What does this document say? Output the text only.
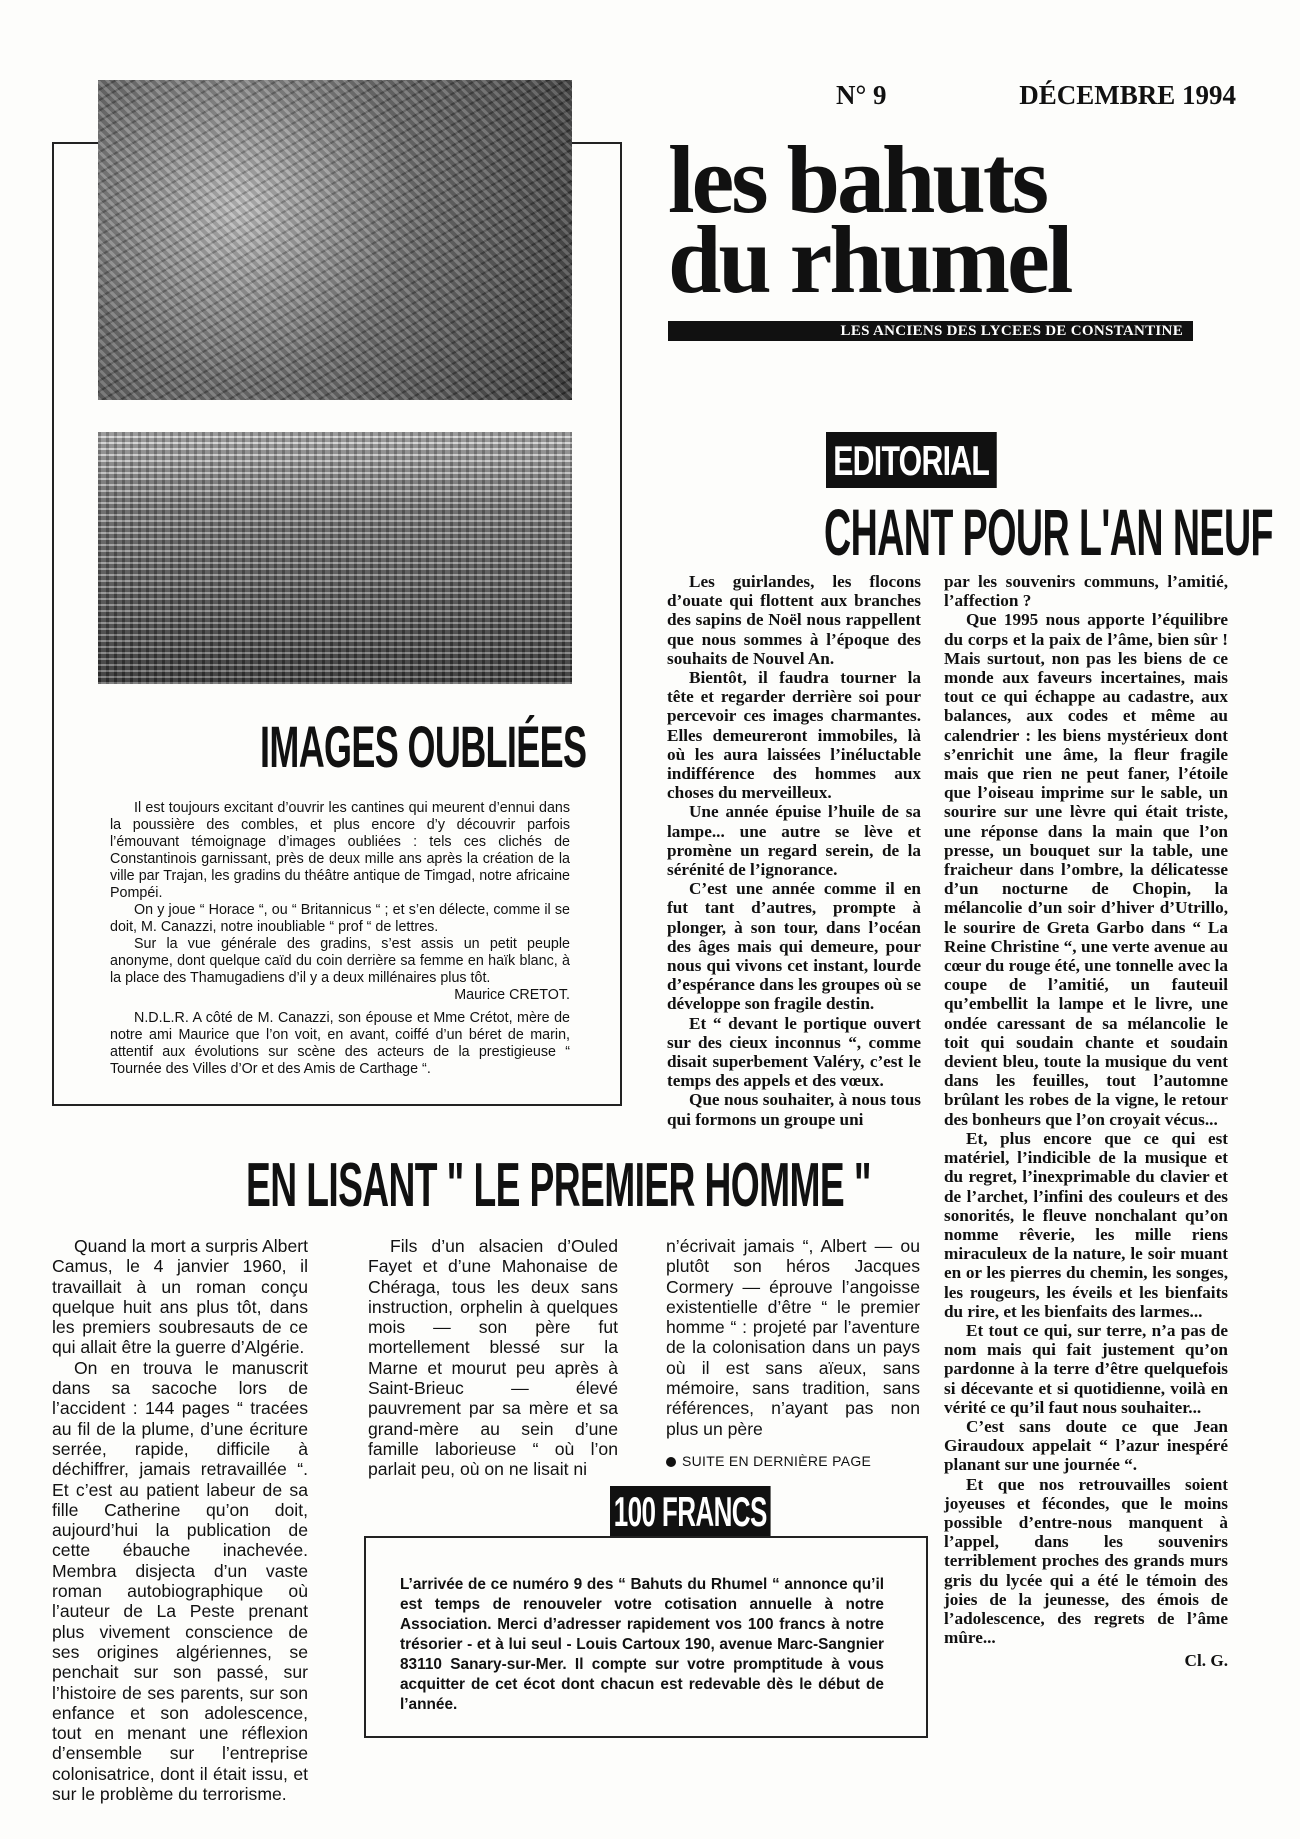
N° 9	DÉCEMBRE 1994
les bahuts
du rhumel
LES ANCIENS DES LYCEES DE CONSTANTINE
IMAGES OUBLIÉES

Il est toujours excitant d’ouvrir les cantines qui meurent d’ennui dans la poussière des combles, et plus encore d’y découvrir parfois l’émouvant témoignage d’images oubliées : tels ces clichés de Constantinois garnissant, près de deux mille ans après la création de la ville par Trajan, les gradins du théâtre antique de Timgad, notre africaine Pompéi.

On y joue “ Horace “, ou “ Britannicus “ ; et s’en délecte, comme il se doit, M. Canazzi, notre inoubliable “ prof “ de lettres.

Sur la vue générale des gradins, s’est assis un petit peuple anonyme, dont quelque caïd du coin derrière sa femme en haïk blanc, à la place des Thamugadiens d’il y a deux millénaires plus tôt.

Maurice CRETOT.

N.D.L.R. A côté de M. Canazzi, son épouse et Mme Crétot, mère de notre ami Maurice que l’on voit, en avant, coiffé d’un béret de marin, attentif aux évolutions sur scène des acteurs de la prestigieuse “ Tournée des Villes d’Or et des Amis de Carthage “.

EDITORIAL
CHANT POUR L'AN NEUF

Les guirlandes, les flocons d’ouate qui flottent aux branches des sapins de Noël nous rappellent que nous sommes à l’époque des souhaits de Nouvel An.

Bientôt, il faudra tourner la tête et regarder derrière soi pour percevoir ces images charmantes. Elles demeureront immobiles, là où les aura laissées l’inéluctable indifférence des hommes aux choses du merveilleux.

Une année épuise l’huile de sa lampe... une autre se lève et promène un regard serein, de la sérénité de l’ignorance.

C’est une année comme il en fut tant d’autres, prompte à plonger, à son tour, dans l’océan des âges mais qui demeure, pour nous qui vivons cet instant, lourde d’espérance dans les groupes où se développe son fragile destin.

Et “ devant le portique ouvert sur des cieux inconnus “, comme disait superbement Valéry, c’est le temps des appels et des vœux.

Que nous souhaiter, à nous tous qui formons un groupe uni

par les souvenirs communs, l’amitié, l’affection ?

Que 1995 nous apporte l’équilibre du corps et la paix de l’âme, bien sûr ! Mais surtout, non pas les biens de ce monde aux faveurs incertaines, mais tout ce qui échappe au cadastre, aux balances, aux codes et même au calendrier : les biens mystérieux dont s’enrichit une âme, la fleur fragile mais que rien ne peut faner, l’étoile que l’oiseau imprime sur le sable, un sourire sur une lèvre qui était triste, une réponse dans la main que l’on presse, un bouquet sur la table, une fraicheur dans l’ombre, la délicatesse d’un nocturne de Chopin, la mélancolie d’un soir d’hiver d’Utrillo, le sourire de Greta Garbo dans “ La Reine Christine “, une verte avenue au cœur du rouge été, une tonnelle avec la coupe de l’amitié, un fauteuil qu’embellit la lampe et le livre, une ondée caressant de sa mélancolie le toit qui soudain chante et soudain devient bleu, toute la musique du vent dans les feuilles, tout l’automne brûlant les robes de la vigne, le retour des bonheurs que l’on croyait vécus...

Et, plus encore que ce qui est matériel, l’indicible de la musique et du regret, l’inexprimable du clavier et de l’archet, l’infini des couleurs et des sonorités, le fleuve nonchalant qu’on nomme rêverie, les mille riens miraculeux de la nature, le soir muant en or les pierres du chemin, les songes, les rougeurs, les éveils et les bienfaits du rire, et les bienfaits des larmes...

Et tout ce qui, sur terre, n’a pas de nom mais qui fait justement qu’on pardonne à la terre d’être quelquefois si décevante et si quotidienne, voilà en vérité ce qu’il faut nous souhaiter...

C’est sans doute ce que Jean Giraudoux appelait “ l’azur inespéré planant sur une journée “.

Et que nos retrouvailles soient joyeuses et fécondes, que le moins possible d’entre-nous manquent à l’appel, dans les souvenirs terriblement proches des grands murs gris du lycée qui a été le témoin des joies de la jeunesse, des émois de l’adolescence, des regrets de l’âme mûre...

Cl. G.

EN LISANT " LE PREMIER HOMME "

Quand la mort a surpris Albert Camus, le 4 janvier 1960, il travaillait à un roman conçu quelque huit ans plus tôt, dans les premiers soubresauts de ce qui allait être la guerre d’Algérie.

On en trouva le manuscrit dans sa sacoche lors de l’accident : 144 pages “ tracées au fil de la plume, d’une écriture serrée, rapide, difficile à déchiffrer, jamais retravaillée “. Et c’est au patient labeur de sa fille Catherine qu’on doit, aujourd’hui la publication de cette ébauche inachevée. Membra disjecta d’un vaste roman autobiographique où l’auteur de La Peste prenant plus vivement conscience de ses origines algériennes, se penchait sur son passé, sur l’histoire de ses parents, sur son enfance et son adolescence, tout en menant une réflexion d’ensemble sur l’entreprise colonisatrice, dont il était issu, et sur le problème du terrorisme.

Fils d’un alsacien d’Ouled Fayet et d’une Mahonaise de Chéraga, tous les deux sans instruction, orphelin à quelques mois — son père fut mortellement blessé sur la Marne et mourut peu après à Saint-Brieuc — élevé pauvrement par sa mère et sa grand-mère au sein d’une famille laborieuse “ où l’on parlait peu, où on ne lisait ni

n’écrivait jamais “, Albert — ou plutôt son héros Jacques Cormery — éprouve l’angoisse existentielle d’être “ le premier homme “ : projeté par l’aventure de la colonisation dans un pays où il est sans aïeux, sans mémoire, sans tradition, sans références, n’ayant pas non plus un père

SUITE EN DERNIÈRE PAGE

100 FRANCS
L’arrivée de ce numéro 9 des “ Bahuts du Rhumel “ annonce qu’il est temps de renouveler votre cotisation annuelle à notre Association. Merci d’adresser rapidement vos 100 francs à notre trésorier - et à lui seul - Louis Cartoux 190, avenue Marc-Sangnier 83110 Sanary-sur-Mer. Il compte sur votre promptitude à vous acquitter de cet écot dont chacun est redevable dès le début de l’année.
